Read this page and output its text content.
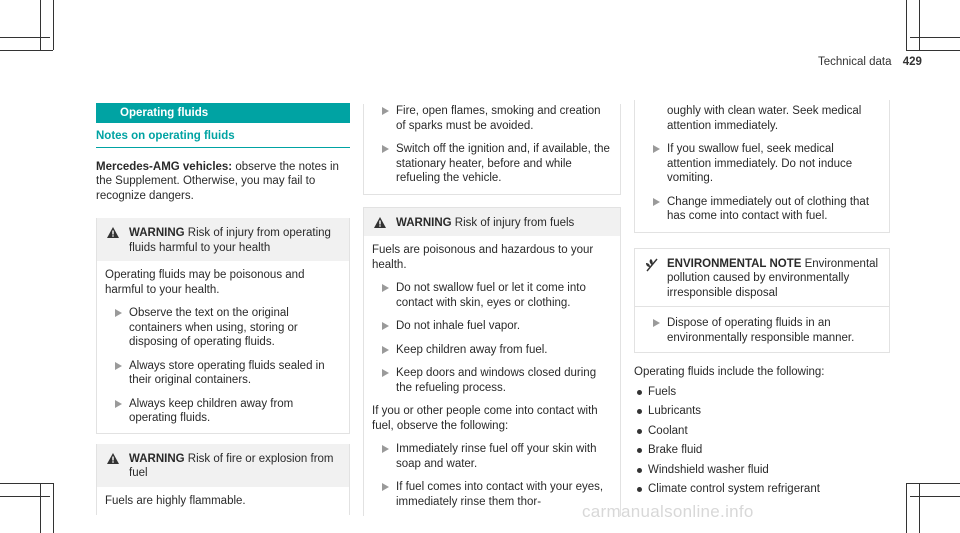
Technical data 429
Operating fluids
Notes on operating fluids

Mercedes-AMG vehicles: observe the notes in the Supplement. Otherwise, you may fail to recognize dangers.

WARNING Risk of injury from operating fluids harmful to your health

Operating fluids may be poisonous and harmful to your health.

Observe the text on the original containers when using, storing or disposing of operating fluids.
Always store operating fluids sealed in their original containers.
Always keep children away from operating fluids.
WARNING Risk of fire or explosion from fuel

Fuels are highly flammable.

Fire, open flames, smoking and creation of sparks must be avoided.
Switch off the ignition and, if available, the stationary heater, before and while refueling the vehicle.
WARNING Risk of injury from fuels

Fuels are poisonous and hazardous to your health.

Do not swallow fuel or let it come into contact with skin, eyes or clothing.
Do not inhale fuel vapor.
Keep children away from fuel.
Keep doors and windows closed during the refueling process.

If you or other people come into contact with fuel, observe the following:

Immediately rinse fuel off your skin with soap and water.
If fuel comes into contact with your eyes, immediately rinse them thor-

oughly with clean water. Seek medical attention immediately.

If you swallow fuel, seek medical attention immediately. Do not induce vomiting.
Change immediately out of clothing that has come into contact with fuel.
ENVIRONMENTAL NOTE Environmental pollution caused by environmentally irresponsible disposal
Dispose of operating fluids in an environmentally responsible manner.

Operating fluids include the following:

Fuels
Lubricants
Coolant
Brake fluid
Windshield washer fluid
Climate control system refrigerant
carmanualsonline.info
